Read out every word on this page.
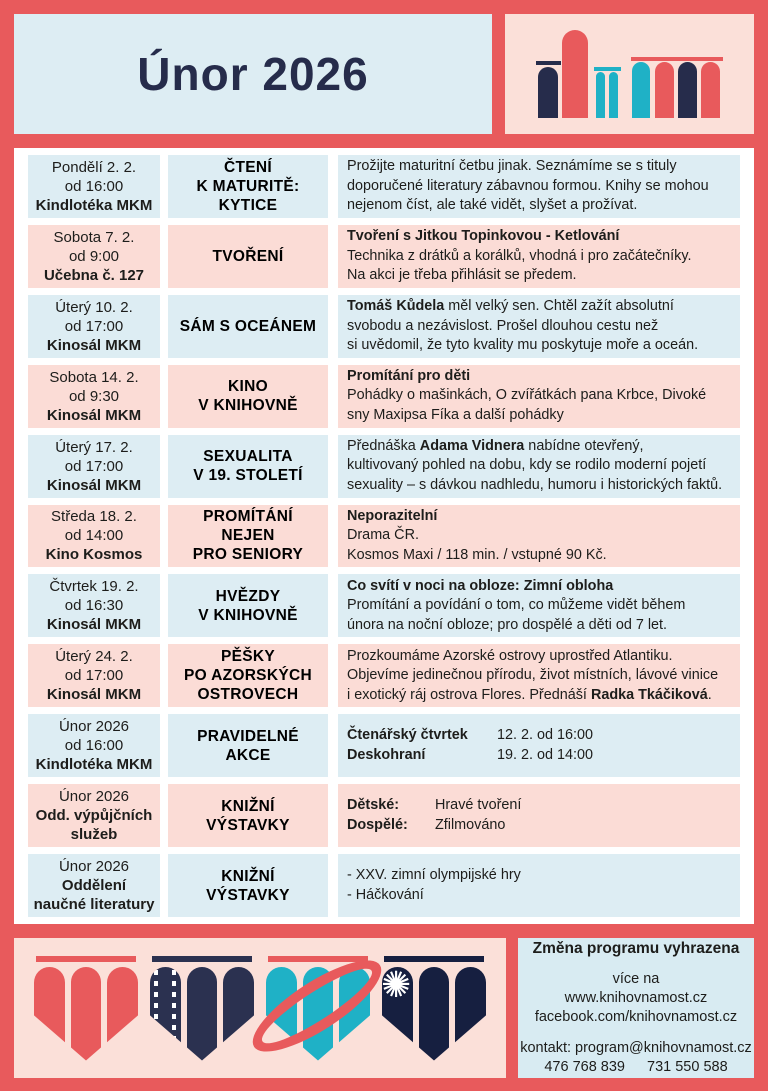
Únor 2026
Pondělí 2. 2.
od 16:00
Kindlotéka MKM
ČTENÍ
K MATURITĚ:
KYTICE
Prožijte maturitní četbu jinak. Seznámíme se s tituly
doporučené literatury zábavnou formou. Knihy se mohou
nejenom číst, ale také vidět, slyšet a prožívat.
Sobota 7. 2.
od 9:00
Učebna č. 127
TVOŘENÍ
Tvoření s Jitkou Topinkovou - Ketlování
Technika z drátků a korálků, vhodná i pro začátečníky.
Na akci je třeba přihlásit se předem.
Úterý 10. 2.
od 17:00
Kinosál MKM
SÁM S OCEÁNEM
Tomáš Kůdela měl velký sen. Chtěl zažít absolutní
svobodu a nezávislost. Prošel dlouhou cestu než
si uvědomil, že tyto kvality mu poskytuje moře a oceán.
Sobota 14. 2.
od 9:30
Kinosál MKM
KINO
V KNIHOVNĚ
Promítání pro děti
Pohádky o mašinkách, O zvířátkách pana Krbce, Divoké
sny Maxipsa Fíka a další pohádky
Úterý 17. 2.
od 17:00
Kinosál MKM
SEXUALITA
V 19. STOLETÍ
Přednáška Adama Vidnera nabídne otevřený,
kultivovaný pohled na dobu, kdy se rodilo moderní pojetí
sexuality – s dávkou nadhledu, humoru i historických faktů.
Středa 18. 2.
od 14:00
Kino Kosmos
PROMÍTÁNÍ
NEJEN
PRO SENIORY
Neporazitelní
Drama ČR.
Kosmos Maxi / 118 min. / vstupné 90 Kč.
Čtvrtek 19. 2.
od 16:30
Kinosál MKM
HVĚZDY
V KNIHOVNĚ
Co svítí v noci na obloze: Zimní obloha
Promítání a povídání o tom, co můžeme vidět během
února na noční obloze; pro dospělé a děti od 7 let.
Úterý 24. 2.
od 17:00
Kinosál MKM
PĚŠKY
PO AZORSKÝCH
OSTROVECH
Prozkoumáme Azorské ostrovy uprostřed Atlantiku.
Objevíme jedinečnou přírodu, život místních, lávové vinice
i exotický ráj ostrova Flores. Přednáší Radka Tkáčiková.
Únor 2026
od 16:00
Kindlotéka MKM
PRAVIDELNÉ
AKCE
Čtenářský čtvrtek 12. 2. od 16:00
Deskohraní	19. 2. od 14:00
Únor 2026
Odd. výpůjčních
služeb
KNIŽNÍ
VÝSTAVKY
Dětské:	Hravé tvoření
Dospělé: Zfilmováno
Únor 2026
Oddělení
naučné literatury
KNIŽNÍ
VÝSTAVKY
- XXV. zimní olympijské hry
- Háčkování
✺
Změna programu vyhrazena
více na
www.knihovnamost.cz
facebook.com/knihovnamost.cz
kontakt: program@knihovnamost.cz
476 768 839 731 550 588
